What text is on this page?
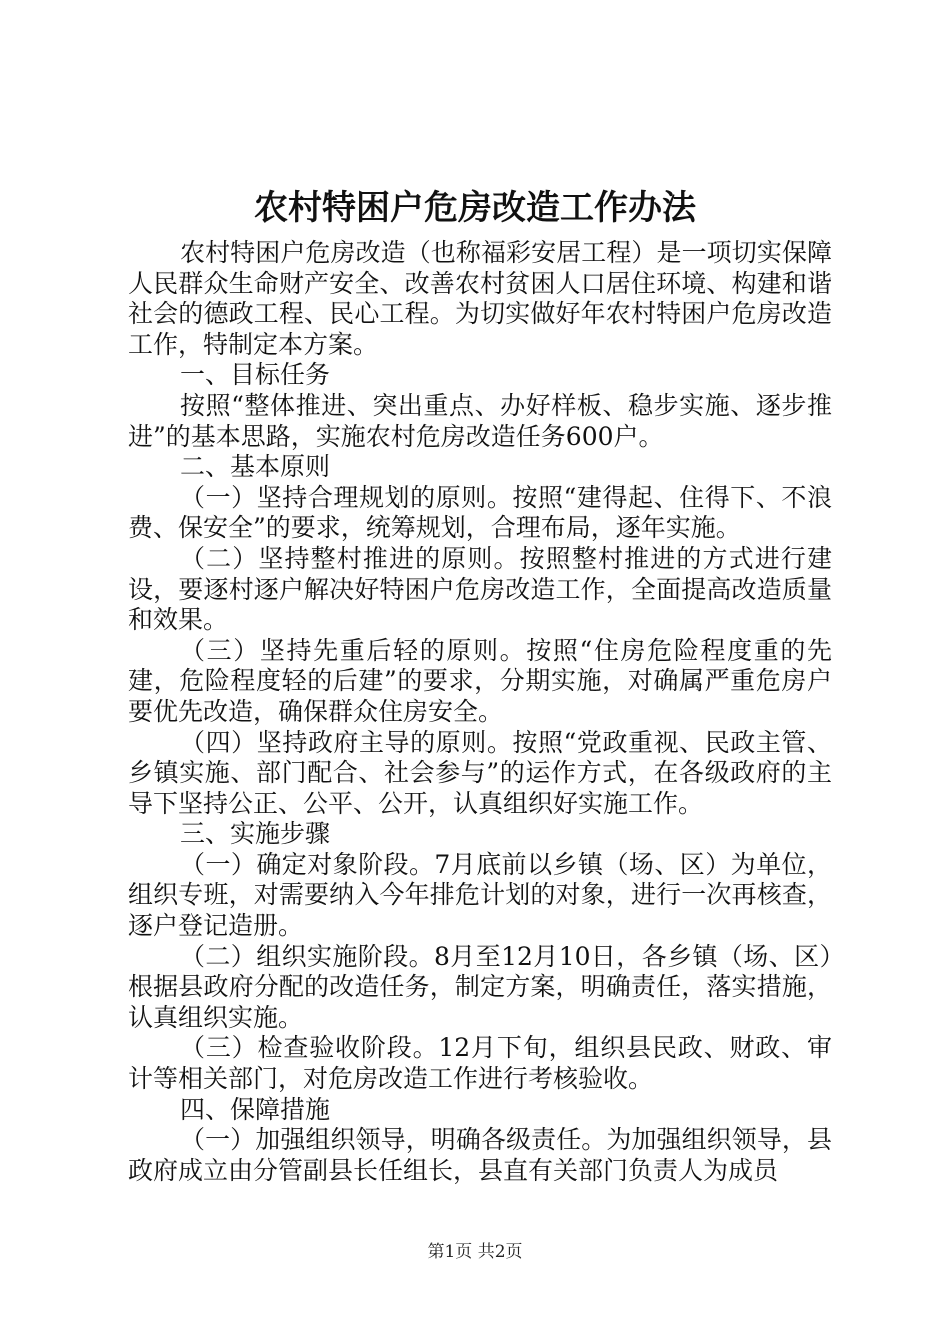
农村特困户危房改造工作办法

农村特困户危房改造（也称福彩安居工程）是一项切实保障人民群众生命财产安全、改善农村贫困人口居住环境、构建和谐社会的德政工程、民心工程。为切实做好年农村特困户危房改造工作，特制定本方案。

一、目标任务

按照“整体推进、突出重点、办好样板、稳步实施、逐步推进”的基本思路，实施农村危房改造任务600户。

二、基本原则

（一）坚持合理规划的原则。按照“建得起、住得下、不浪费、保安全”的要求，统筹规划，合理布局，逐年实施。

（二）坚持整村推进的原则。按照整村推进的方式进行建设，要逐村逐户解决好特困户危房改造工作，全面提高改造质量和效果。

（三）坚持先重后轻的原则。按照“住房危险程度重的先建，危险程度轻的后建”的要求，分期实施，对确属严重危房户要优先改造，确保群众住房安全。

（四）坚持政府主导的原则。按照“党政重视、民政主管、乡镇实施、部门配合、社会参与”的运作方式，在各级政府的主导下坚持公正、公平、公开，认真组织好实施工作。

三、实施步骤

（一）确定对象阶段。7月底前以乡镇（场、区）为单位，组织专班，对需要纳入今年排危计划的对象，进行一次再核查，逐户登记造册。

（二）组织实施阶段。8月至12月10日，各乡镇（场、区）根据县政府分配的改造任务，制定方案，明确责任，落实措施，认真组织实施。

（三）检查验收阶段。12月下旬，组织县民政、财政、审计等相关部门，对危房改造工作进行考核验收。

四、保障措施

（一）加强组织领导，明确各级责任。为加强组织领导，县政府成立由分管副县长任组长，县直有关部门负责人为成员

第1页 共2页
